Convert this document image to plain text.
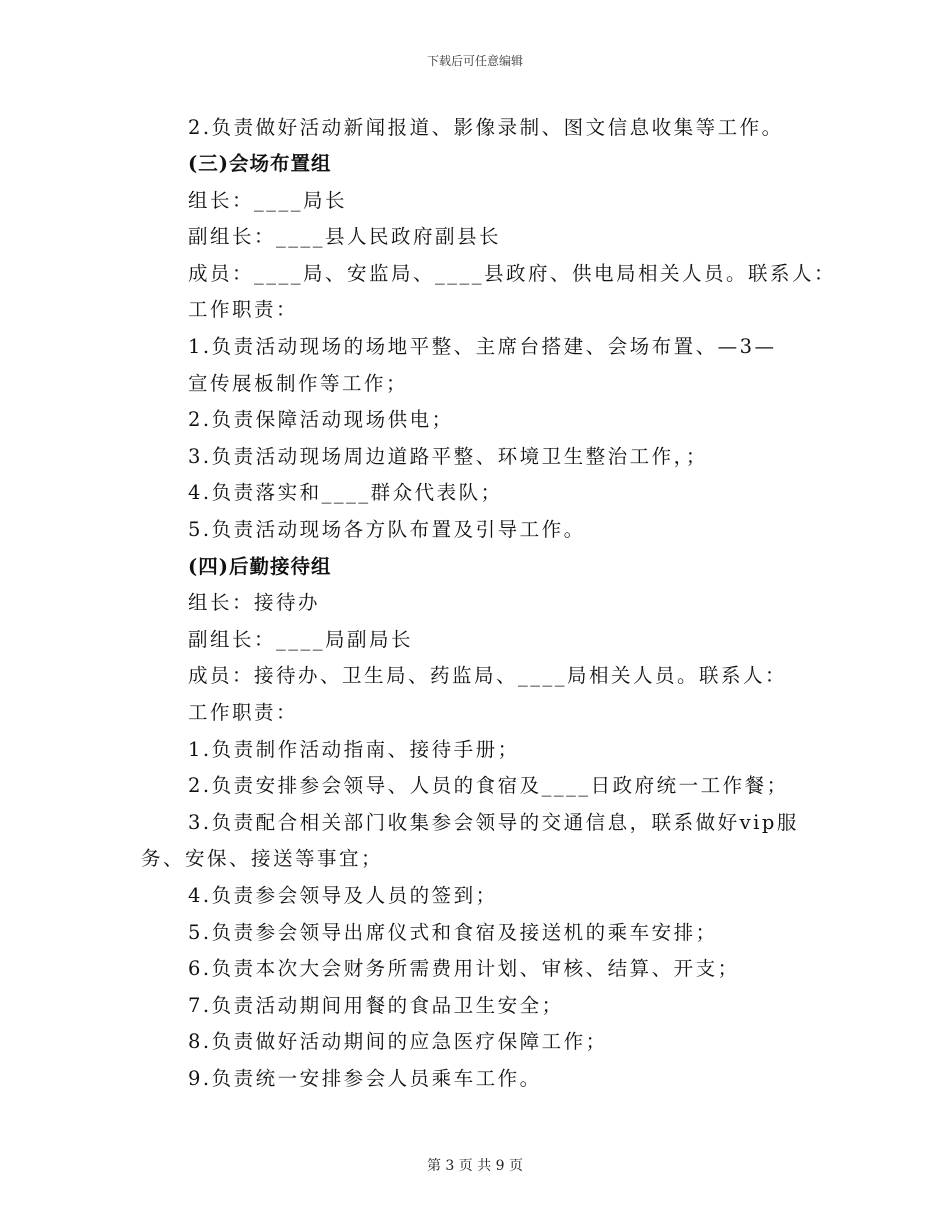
下载后可任意编辑
2.负责做好活动新闻报道、影像录制、图文信息收集等工作。
(三)会场布置组
组长：____局长
副组长：____县人民政府副县长
成员：____局、安监局、____县政府、供电局相关人员。联系人：
工作职责：
1.负责活动现场的场地平整、主席台搭建、会场布置、—3—
宣传展板制作等工作；
2.负责保障活动现场供电；
3.负责活动现场周边道路平整、环境卫生整治工作，；
4.负责落实和____群众代表队；
5.负责活动现场各方队布置及引导工作。
(四)后勤接待组
组长：接待办
副组长：____局副局长
成员：接待办、卫生局、药监局、____局相关人员。联系人：
工作职责：
1.负责制作活动指南、接待手册；
2.负责安排参会领导、人员的食宿及____日政府统一工作餐；
3.负责配合相关部门收集参会领导的交通信息，联系做好vip服
务、安保、接送等事宜；
4.负责参会领导及人员的签到；
5.负责参会领导出席仪式和食宿及接送机的乘车安排；
6.负责本次大会财务所需费用计划、审核、结算、开支；
7.负责活动期间用餐的食品卫生安全；
8.负责做好活动期间的应急医疗保障工作；
9.负责统一安排参会人员乘车工作。
第 3 页 共 9 页
